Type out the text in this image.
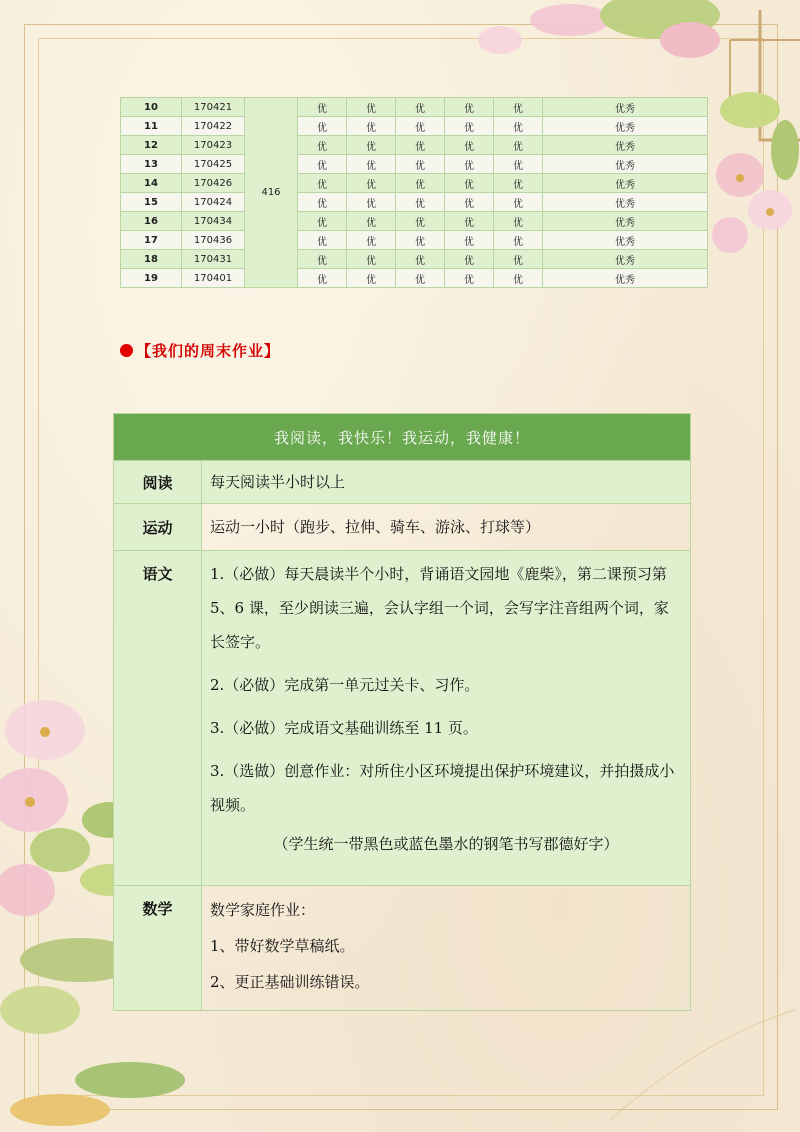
10	170421	416	优	优	优	优	优	优秀
11	170422		优	优	优	优	优	优秀
12	170423		优	优	优	优	优	优秀
13	170425		优	优	优	优	优	优秀
14	170426		优	优	优	优	优	优秀
15	170424		优	优	优	优	优	优秀
16	170434		优	优	优	优	优	优秀
17	170436		优	优	优	优	优	优秀
18	170431		优	优	优	优	优	优秀
19	170401		优	优	优	优	优	优秀
【我们的周末作业】
我阅读，我快乐！我运动，我健康！	
阅读	每天阅读半小时以上
运动	运动一小时（跑步、拉伸、骑车、游泳、打球等）
语文	1.（必做）每天晨读半个小时，背诵语文园地《鹿柴》，第二课预习第 5、6 课，至少朗读三遍，会认字组一个词，会写字注音组两个词，家长签字。

2.（必做）完成第一单元过关卡、习作。

3.（必做）完成语文基础训练至 11 页。

3.（选做）创意作业：对所住小区环境提出保护环境建议，并拍摄成小视频。

（学生统一带黑色或蓝色墨水的钢笔书写郡德好字）

数学	数学家庭作业：

1、带好数学草稿纸。

2、更正基础训练错误。
